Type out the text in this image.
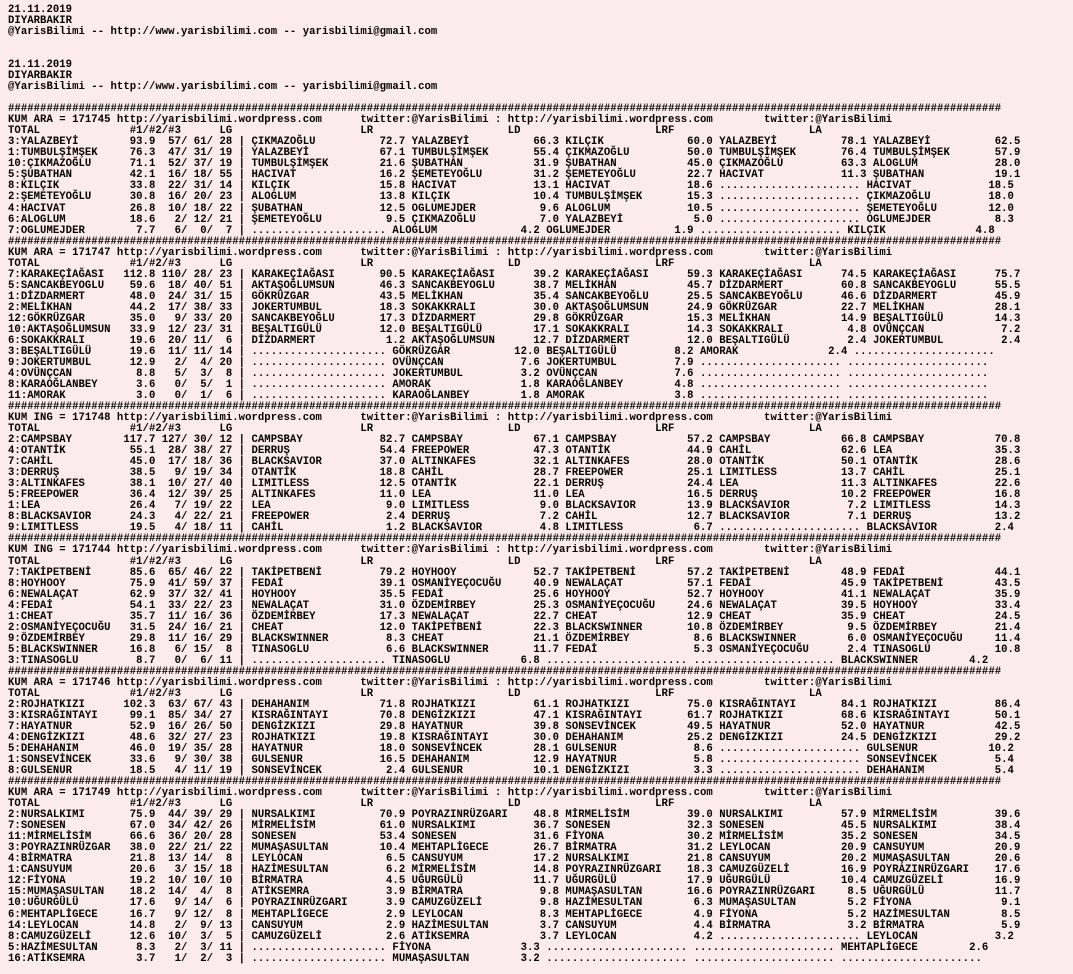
21.11.2019
DIYARBAKIR
@YarisBilimi -- http://www.yarisbilimi.com -- yarisbilimi@gmail.com
21.11.2019
DIYARBAKIR
@YarisBilimi -- http://www.yarisbilimi.com -- yarisbilimi@gmail.com
###########################################################################################################################################################
KUM ARA = 171745 http://yarisbilimi.wordpress.com      twitter:@YarisBilimi : http://yarisbilimi.wordpress.com        twitter:@YarisBilimi
TOTAL              #1/#2/#3      LG                    LR                     LD                     LRF                     LA
3:YALAZBEYİ        93.9  57/ 61/ 28 | ÇIKMAZOĞLU          72.7 YALAZBEYİ          66.3 KILÇIK             60.0 YALAZBEYİ          78.1 YALAZBEYİ          62.5
1:TUMBULŞİMŞEK     76.3  47/ 31/ 19 | YALAZBEYİ           67.1 TUMBULŞİMŞEK       55.4 ÇIKMAZOĞLU         50.0 TUMBULŞİMŞEK       76.4 TUMBULŞİMŞEK       57.9
10:ÇIKMAZOĞLU      71.1  52/ 37/ 19 | TUMBULŞİMŞEK        21.6 ŞUBATHAN           31.9 ŞUBATHAN           45.0 ÇIKMAZOĞLU         63.3 ALOGLUM            28.0
5:ŞUBATHAN         42.1  16/ 18/ 55 | HACIVAT             16.2 ŞEMETEYOĞLU        31.2 ŞEMETEYOĞLU        22.7 HACIVAT            11.3 ŞUBATHAN           19.1
8:KILÇIK           33.8  22/ 31/ 14 | KILÇIK              15.8 HACIVAT            13.1 HACIVAT            18.6 ...................... HACIVAT            18.5
2:ŞEMETEYOĞLU      30.8  16/ 20/ 23 | ALOGLUM             13.8 KILÇIK             10.4 TUMBULŞİMŞEK       15.3 ...................... ÇIKMAZOĞLU         18.0
4:HACIVAT          26.8  10/ 18/ 22 | ŞUBATHAN            12.5 OGLUMEJDER          9.6 ALOGLUM            10.5 ...................... ŞEMETEYOĞLU        12.0
6:ALOGLUM          18.6   2/ 12/ 21 | ŞEMETEYOĞLU          9.5 ÇIKMAZOĞLU          7.0 YALAZBEYİ           5.0 ...................... OGLUMEJDER          8.3
7:OGLUMEJDER        7.7   6/  0/  7 | ..................... ALOGLUM             4.2 OGLUMEJDER          1.9 ...................... KILÇIK              4.8
###########################################################################################################################################################
KUM ARA = 171747 http://yarisbilimi.wordpress.com      twitter:@YarisBilimi : http://yarisbilimi.wordpress.com        twitter:@YarisBilimi
TOTAL              #1/#2/#3      LG                    LR                     LD                     LRF                     LA
7:KARAKEÇİAĞASI   112.8 110/ 28/ 23 | KARAKEÇİAĞASI       90.5 KARAKEÇİAĞASI      39.2 KARAKEÇİAĞASI      59.3 KARAKEÇİAĞASI      74.5 KARAKEÇİAĞASI      75.7
5:SANCAKBEYOGLU    59.6  18/ 40/ 51 | AKTAŞOĞLUMSUN       46.3 SANCAKBEYOGLU      38.7 MELİKHAN           45.7 DİZDARMERT         60.8 SANCAKBEYOGLU      55.5
1:DİZDARMERT       48.0  24/ 31/ 15 | GÖKRÜZGAR           43.5 MELİKHAN           35.4 SANCAKBEYOĞLU      25.5 SANCAKBEYOĞLU      46.6 DİZDARMERT         45.9
2:MELİKHAN         44.2  17/ 38/ 33 | JOKERTUMBUL         18.3 SOKAKKRALI         30.0 AKTAŞOĞLUMSUN      24.9 GÖKRÜZGAR          22.7 MELİKHAN           28.1
12:GÖKRÜZGAR       35.0   9/ 33/ 20 | SANCAKBEYOĞLU       17.3 DİZDARMERT         29.8 GÖKRÜZGAR          15.3 MELİKHAN           14.9 BEŞALTIGÜLÜ        14.3
10:AKTAŞOĞLUMSUN   33.9  12/ 23/ 31 | BEŞALTIGÜLÜ         12.0 BEŞALTIGÜLÜ        17.1 SOKAKKRALI         14.3 SOKAKKRALI          4.8 OVÜNÇCAN            7.2
6:SOKAKKRALI       19.6  20/ 11/  6 | DİZDARMERT           1.2 AKTAŞOĞLUMSUN      12.7 DİZDARMERT         12.0 BEŞALTIGÜLÜ         2.4 JOKERTUMBUL         2.4
3:BEŞALTIGÜLÜ      19.6  11/ 11/ 14 | ..................... GÖKRÜZGAR          12.0 BEŞALTIGÜLÜ         8.2 AMORAK              2.4 ......................
9:JOKERTUMBUL      12.9   2/  4/ 20 | ..................... OVÜNÇCAN            7.6 JOKERTUMBUL         7.9 ...................... ......................
4:OVÜNÇCAN          8.8   5/  3/  8 | ..................... JOKERTUMBUL         3.2 OVÜNÇCAN            7.6 ...................... ......................
8:KARAOĞLANBEY      3.6   0/  5/  1 | ..................... AMORAK              1.8 KARAOĞLANBEY        4.8 ...................... ......................
11:AMORAK           3.0   0/  1/  6 | ..................... KARAOĞLANBEY        1.8 AMORAK              3.8 ...................... ......................
###########################################################################################################################################################
KUM ING = 171748 http://yarisbilimi.wordpress.com      twitter:@YarisBilimi : http://yarisbilimi.wordpress.com        twitter:@YarisBilimi
TOTAL              #1/#2/#3      LG                    LR                     LD                     LRF                     LA
2:CAMPSBAY        117.7 127/ 30/ 12 | CAMPSBAY            82.7 CAMPSBAY           67.1 CAMPSBAY           57.2 CAMPSBAY           66.8 CAMPSBAY           70.8
4:OTANTİK          55.1  28/ 38/ 27 | DERRUŞ              54.4 FREEPOWER          47.3 OTANTİK            44.9 CAHİL              62.6 LEA                35.3
7:CAHİL            45.0  17/ 18/ 36 | BLACKSAVIOR         37.0 ALTINKAFES         32.1 ALTINKAFES         28.0 OTANTİK            50.1 OTANTİK            28.6
3:DERRUŞ           38.5   9/ 19/ 34 | OTANTİK             18.8 CAHİL              28.7 FREEPOWER          25.1 LIMITLESS          13.7 CAHİL              25.1
3:ALTINKAFES       38.1  10/ 27/ 40 | LIMITLESS           12.5 OTANTİK            22.1 DERRUŞ             24.4 LEA                11.3 ALTINKAFES         22.6
5:FREEPOWER        36.4  12/ 39/ 25 | ALTINKAFES          11.0 LEA                11.0 LEA                16.5 DERRUŞ             10.2 FREEPOWER          16.8
1:LEA              26.4   7/ 19/ 22 | LEA                  9.0 LIMITLESS           9.0 BLACKSAVIOR        13.9 BLACKSAVIOR         7.2 LIMITLESS          14.3
8:BLACKSAVIOR      24.3   4/ 22/ 21 | FREEPOWER            2.4 DERRUŞ              7.2 CAHİL              12.7 BLACKSAVIOR         7.1 DERRUŞ             13.2
9:LIMITLESS        19.5   4/ 18/ 11 | CAHİL                1.2 BLACKSAVIOR         4.8 LIMITLESS           6.7 ...................... BLACKSAVIOR         2.4
###########################################################################################################################################################
KUM ING = 171744 http://yarisbilimi.wordpress.com      twitter:@YarisBilimi : http://yarisbilimi.wordpress.com        twitter:@YarisBilimi
TOTAL              #1/#2/#3      LG                    LR                     LD                     LRF                     LA
7:TAKİPETBENİ      85.6  65/ 46/ 22 | TAKİPETBENİ         79.2 HOYHOOY            52.7 TAKİPETBENİ        57.2 TAKİPETBENİ        48.9 FEDAİ              44.1
8:HOYHOOY          75.9  41/ 59/ 37 | FEDAİ               39.1 OSMANİYEÇOCUĞU     40.9 NEWALAÇAT          57.1 FEDAİ              45.9 TAKİPETBENİ        43.5
6:NEWALAÇAT        62.9  37/ 32/ 41 | HOYHOOY             35.5 FEDAİ              25.6 HOYHOOY            52.7 HOYHOOY            41.1 NEWALAÇAT          35.9
4:FEDAİ            54.1  33/ 22/ 23 | NEWALAÇAT           31.0 ÖZDEMİRBEY         25.3 OSMANİYEÇOCUĞU     24.6 NEWALAÇAT          39.5 HOYHOOY            33.4
1:CHEAT            35.7  11/ 16/ 36 | ÖZDEMİRBEY          17.3 NEWALAÇAT          22.7 CHEAT              12.9 CHEAT              35.9 CHEAT              24.5
2:OSMANİYEÇOCUĞU   31.5  24/ 16/ 21 | CHEAT               12.0 TAKİPETBENİ        22.3 BLACKSWINNER       10.8 ÖZDEMİRBEY          9.5 ÖZDEMİRBEY         21.4
9:ÖZDEMİRBEY       29.8  11/ 16/ 29 | BLACKSWINNER         8.3 CHEAT              21.1 ÖZDEMİRBEY          8.6 BLACKSWINNER        6.0 OSMANİYEÇOCUĞU     11.4
5:BLACKSWINNER     16.8   6/ 15/  8 | TINASOGLU            6.6 BLACKSWINNER       11.7 FEDAİ               5.3 OSMANİYEÇOCUĞU      2.4 TINASOGLU          10.8
3:TINASOGLU         8.7   0/  6/ 11 | ..................... TINASOGLU           6.8 ...................... ...................... BLACKSWINNER        4.2
###########################################################################################################################################################
KUM ARA = 171746 http://yarisbilimi.wordpress.com      twitter:@YarisBilimi : http://yarisbilimi.wordpress.com        twitter:@YarisBilimi
TOTAL              #1/#2/#3      LG                    LR                     LD                     LRF                     LA
2:ROJHATKIZI      102.3  63/ 67/ 43 | DEHAHANIM           71.8 ROJHATKIZI         61.1 ROJHATKIZI         75.0 KISRAĞINTAYI       84.1 ROJHATKIZI         86.4
3:KISRAĞINTAYI     99.1  85/ 34/ 27 | KISRAĞINTAYI        70.8 DENGİZKIZI         47.1 KISRAĞINTAYI       61.7 ROJHATKIZI         68.6 KISRAĞINTAYI       50.1
7:HAYATNUR         52.9  16/ 26/ 50 | DENGİZKIZI          29.8 HAYATNUR           39.8 SONSEVİNCEK        49.5 HAYATNUR           52.0 HAYATNUR           42.5
4:DENGİZKIZI       48.6  32/ 27/ 23 | ROJHATKIZI          19.8 KISRAĞINTAYI       30.0 DEHAHANIM          25.2 DENGİZKIZI         24.5 DENGİZKIZI         29.2
5:DEHAHANIM        46.0  19/ 35/ 28 | HAYATNUR            18.0 SONSEVİNCEK        28.1 GULSENUR            8.6 ...................... GULSENUR           10.2
1:SONSEVİNCEK      33.6   9/ 30/ 38 | GULSENUR            16.5 DEHAHANIM          12.9 HAYATNUR            5.8 ...................... SONSEVİNCEK         5.4
8:GULSENUR         18.5   4/ 11/ 19 | SONSEVİNCEK          2.4 GULSENUR           10.1 DENGİZKIZI          3.3 ...................... DEHAHANIM           5.4
###########################################################################################################################################################
KUM ARA = 171749 http://yarisbilimi.wordpress.com      twitter:@YarisBilimi : http://yarisbilimi.wordpress.com        twitter:@YarisBilimi
TOTAL              #1/#2/#3      LG                    LR                     LD                     LRF                     LA
2:NURSALKIMI       75.9  44/ 39/ 29 | NURSALKIMI          70.9 POYRAZINRÜZGARI    48.8 MİRMELİSİM         39.0 NURSALKIMI         57.9 MİRMELİSİM         39.6
7:SONESEN          67.0  34/ 42/ 26 | MİRMELİSİM          61.0 NURSALKIMI         36.7 SONESEN            32.3 SONESEN            45.5 NURSALKIMI         38.4
11:MİRMELİSİM      66.6  36/ 20/ 28 | SONESEN             53.4 SONESEN            31.6 FİYONA             30.2 MİRMELİSİM         35.2 SONESEN            34.5
3:POYRAZINRÜZGAR   38.0  22/ 21/ 22 | MUMAŞASULTAN        10.4 MEHTAPLİGECE       26.7 BİRMATRA           31.2 LEYLOCAN           20.9 CANSUYUM           20.9
4:BİRMATRA         21.8  13/ 14/  8 | LEYLOCAN             6.5 CANSUYUM           17.2 NURSALKIMI         21.8 CANSUYUM           20.2 MUMAŞASULTAN       20.6
1:CANSUYUM         20.6   3/ 15/ 18 | HAZİMESULTAN         6.2 MİRMELİSİM         14.8 POYRAZINRÜZGARI    18.3 CAMUZGÜZELİ        16.9 POYRAZINRÜZGARI    17.6
12:FİYONA          19.2  10/ 10/ 10 | BİRMATRA             4.5 UĞURGÜLÜ           11.7 UĞURGÜLÜ           17.9 UĞURGÜLÜ           10.4 CAMUZGÜZELİ        16.9
15:MUMAŞASULTAN    18.2  14/  4/  8 | ATİKSEMRA            3.9 BİRMATRA            9.8 MUMAŞASULTAN       16.6 POYRAZINRÜZGARI     8.5 UĞURGÜLÜ           11.7
10:UĞURGÜLÜ        17.6   9/ 14/  6 | POYRAZINRÜZGARI      3.9 CAMUZGÜZELİ         9.8 HAZİMESULTAN        6.3 MUMAŞASULTAN        5.2 FİYONA              9.1
6:MEHTAPLİGECE     16.7   9/ 12/  8 | MEHTAPLİGECE         2.9 LEYLOCAN            8.3 MEHTAPLİGECE        4.9 FİYONA              5.2 HAZİMESULTAN        8.5
14:LEYLOCAN        14.8   2/  9/ 13 | CANSUYUM             2.9 HAZİMESULTAN        3.7 CANSUYUM            4.4 BİRMATRA            3.2 BİRMATRA            5.9
8:CAMUZGÜZELİ      12.6  10/  3/  5 | CAMUZGÜZELİ          2.6 ATİKSEMRA           3.7 LEYLOCAN            4.2 ...................... LEYLOCAN            3.2
5:HAZİMESULTAN      8.3   2/  3/ 11 | ..................... FİYONA              3.3 ...................... ...................... MEHTAPLİGECE        2.6
16:ATİKSEMRA        3.7   1/  2/  3 | ..................... MUMAŞASULTAN        3.2 ...................... ...................... ......................
